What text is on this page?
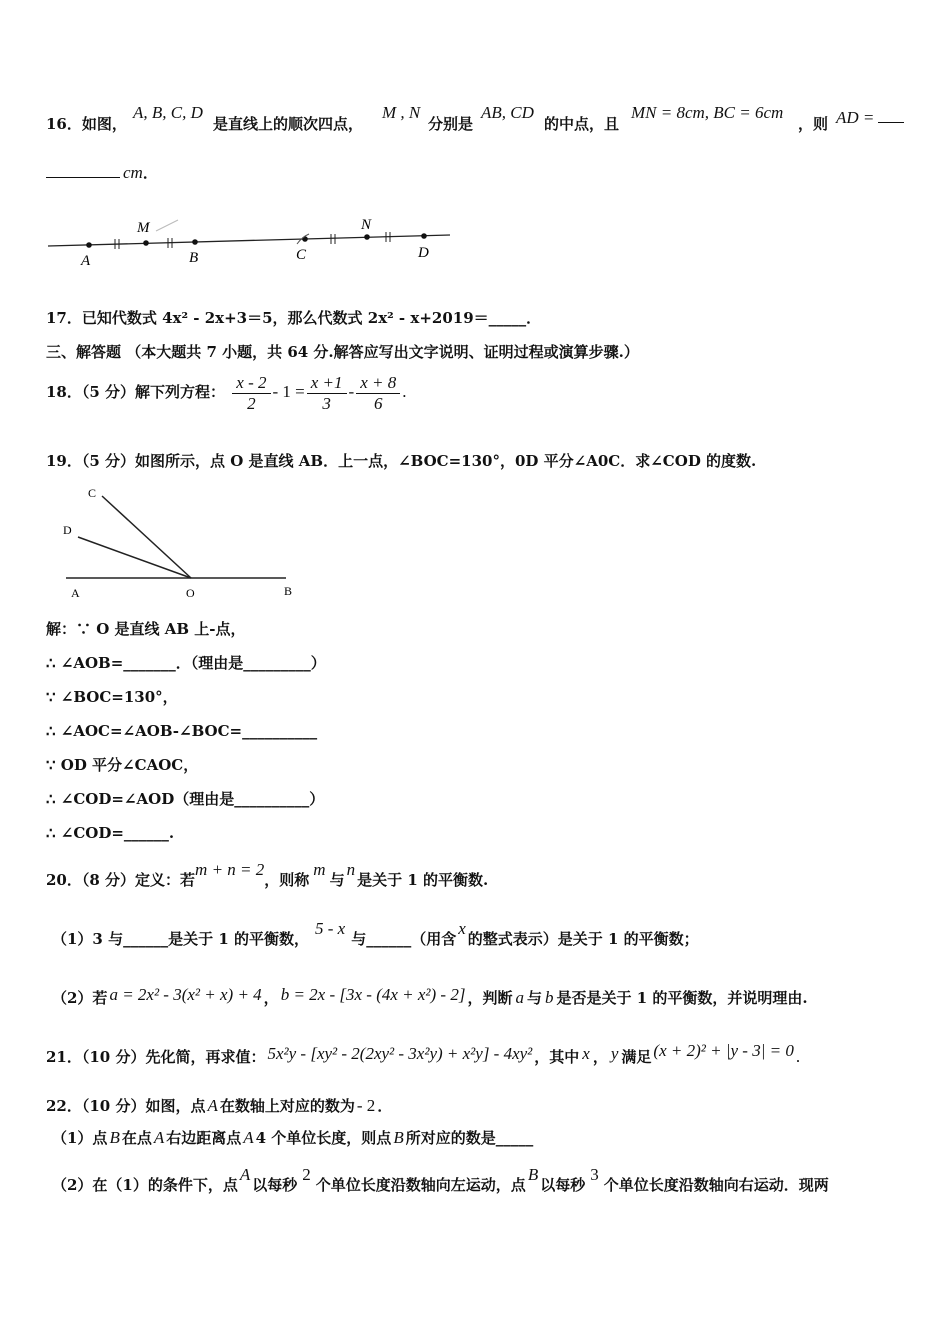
16．如图，
A, B, C, D
是直线上的顺次四点，
M , N
分别是
AB, CD
的中点，且
MN = 8cm, BC = 6cm
，则 AD =
cm．
A
M
B	C
N
D
17．已知代数式 4x² - 2x+3＝5，那么代数式 2x² - x+2019＝_____．
三、解答题 （本大题共 7 小题，共 64 分.解答应写出文字说明、证明过程或演算步骤.）
18．（5 分）解下列方程： $\frac{x - 2}{2} - 1 = \frac{x +1}{3} - \frac{x + 8}{6}$ .
19．（5 分）如图所示，点 O 是直线 AB．上一点，∠BOC=130°，0D 平分∠A0C．求∠COD 的度数.
C
D
A	O	B
解：∵ O 是直线 AB 上-点，
∴ ∠AOB=_______．（理由是_________）
∵ ∠BOC=130°，
∴ ∠AOC=∠AOB-∠BOC=__________
∵ OD 平分∠CAOC，
∴ ∠COD=∠AOD（理由是__________）
∴ ∠COD=______.
20．（8 分）定义：若m + n = 2，则称m与n是关于 1 的平衡数.
（1）3 与______是关于 1 的平衡数，5 - x与______（用含x的整式表示）是关于 1 的平衡数；
（2）若 a = 2x² - 3(x² + x) + 4 ， b = 2x - [3x - (4x + x²) - 2] ，判断 a 与 b 是否是关于 1 的平衡数，并说明理由.
21．（10 分）先化简，再求值： 5x²y - [xy² - 2(2xy² - 3x²y) + x²y] - 4xy² ，其中 x ， y 满足 (x + 2)² + |y - 3| = 0 .
22．（10 分）如图，点 A 在数轴上对应的数为 - 2 ．
（1）点 B 在点 A 右边距离点 A 4 个单位长度，则点 B 所对应的数是_____
（2）在（1）的条件下，点A以每秒2个单位长度沿数轴向左运动，点B以每秒3个单位长度沿数轴向右运动．现两
